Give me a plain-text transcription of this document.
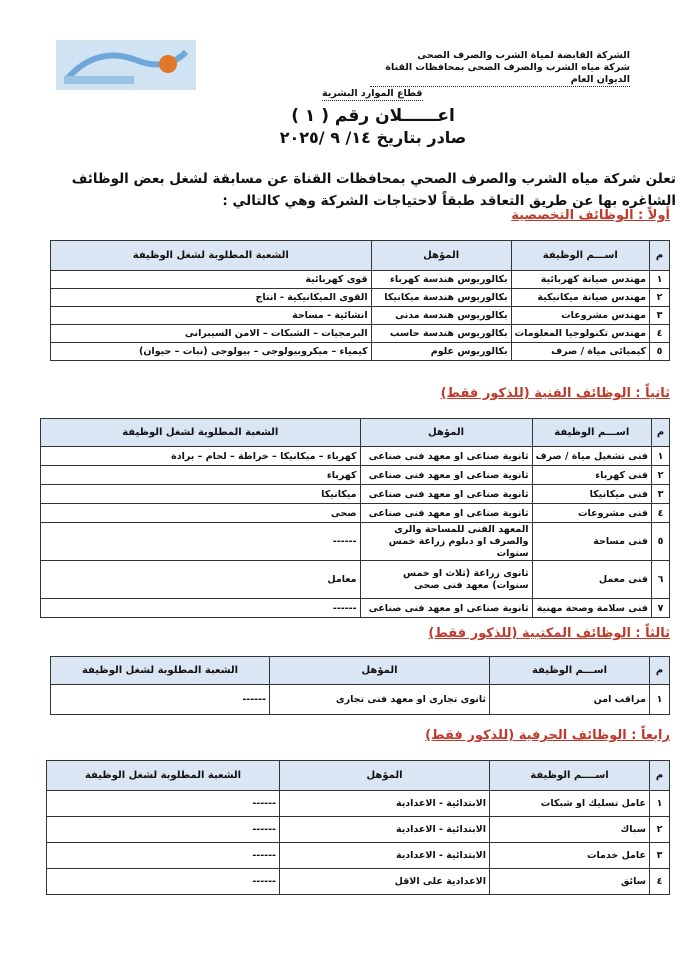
الشركة القابضة لمياة الشرب والصرف الصحى
شركة مياه الشرب والصرف الصحى بمحافظات القناة
الديوان العام
قطاع الموارد البشرية
اعــــــلان رقم ( ١ )
صادر بتاريخ ١٤/ ٩ /٢٠٢٥
تعلن شركة مياه الشرب والصرف الصحي بمحافظات القناة عن مسابقة لشغل بعض الوظائف الشاغره بها عن طريق التعاقد طبقاً لاحتياجات الشركة وهي كالتالي :
أولاً : الوظائف التخصصية
م	اســـم الوظيفة	المؤهل	الشعبة المطلوبة لشغل الوظيفة
١	مهندس صيانة كهربائية	بكالوريوس هندسة كهرباء	قوى كهربائية
٢	مهندس صيانة ميكانيكية	بكالوريوس هندسة ميكانيكا	القوى الميكانيكية - انتاج
٣	مهندس مشروعات	بكالوريوس هندسة مدنى	انشائية - مساحة
٤	مهندس تكنولوجيا المعلومات	بكالوريوس هندسة حاسب	البرمجيات – الشبكات – الامن السيبرانى
٥	كيميائى مياة / صرف	بكالوريوس علوم	كيمياء – ميكروبيولوجى – بيولوجى (نبات – حيوان)
ثانياً : الوظائف الفنية (للذكور فقط)
م	اســـم الوظيفة	المؤهل	الشعبة المطلوبة لشغل الوظيفة
١	فنى تشغيل مياة / صرف	ثانوية صناعى او معهد فنى صناعى	كهرباء – ميكانيكا – خراطة – لحام – برادة
٢	فنى كهرباء	ثانوية صناعى او معهد فنى صناعى	كهرباء
٣	فنى ميكانيكا	ثانوية صناعى او معهد فنى صناعى	ميكانيكا
٤	فنى مشروعات	ثانوية صناعى او معهد فنى صناعى	صحى
٥	فنى مساحة	المعهد الفنى للمساحة والرى والصرف او دبلوم زراعة خمس سنوات	------
٦	فنى معمل	ثانوى زراعة (ثلاث او خمس سنوات) معهد فنى صحى	معامل
٧	فنى سلامة وصحة مهنية	ثانوية صناعى او معهد فنى صناعى	------
ثالثاً : الوظائف المكتبية (للذكور فقط)
م	اســـم الوظيفة	المؤهل	الشعبة المطلوبة لشغل الوظيفة
١	مراقب امن	ثانوى تجارى او معهد فنى تجارى	------
رابعاً : الوظائف الحرفية (للذكور فقط)
م	اســــم الوظيفة	المؤهل	الشعبة المطلوبة لشغل الوظيفة
١	عامل تسليك او شبكات	الابتدائية - الاعدادية	------
٢	سباك	الابتدائية - الاعدادية	------
٣	عامل خدمات	الابتدائية - الاعدادية	------
٤	سائق	الاعدادية على الاقل	------
